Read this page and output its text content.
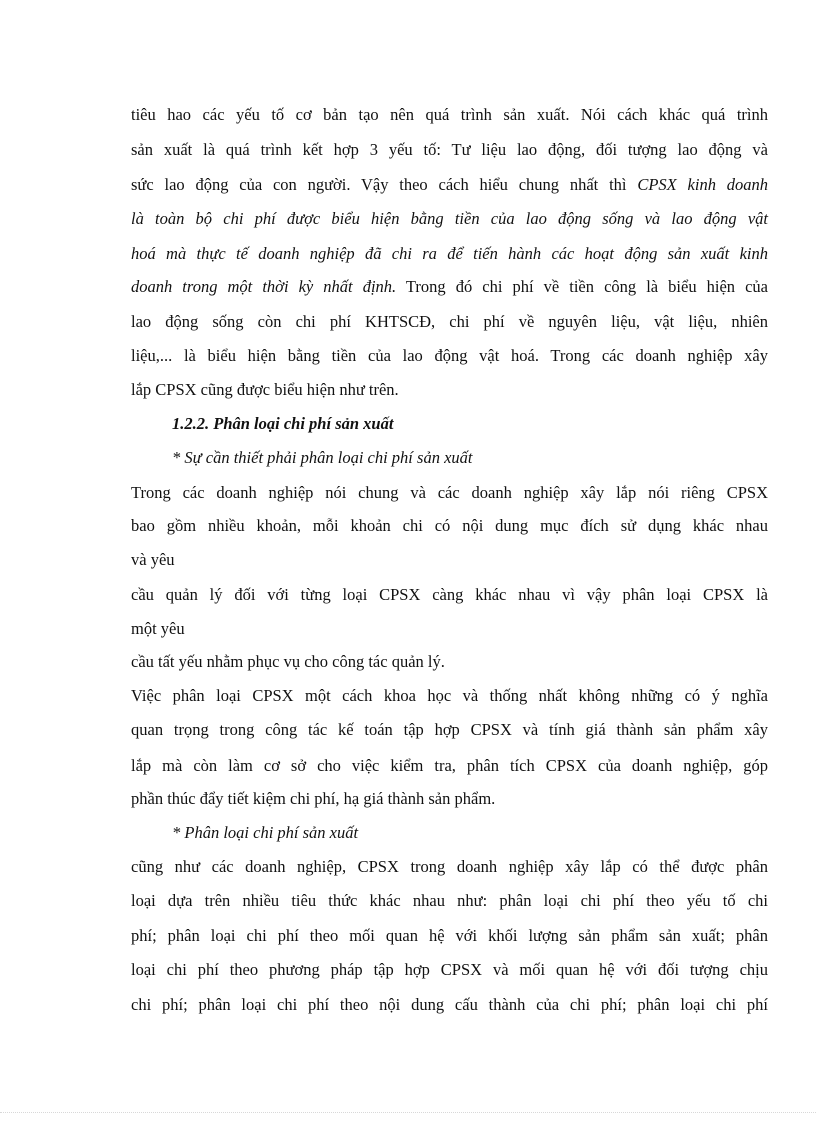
tiêu hao các yếu tố cơ bản tạo nên quá trình sản xuất. Nói cách khác quá trình
sản xuất là quá trình kết hợp 3 yếu tố: Tư liệu lao động, đối tượng lao động và
sức lao động của con người. Vậy theo cách hiểu chung nhất thì CPSX kinh doanh
là toàn bộ chi phí được biểu hiện bằng tiền của lao động sống và lao động vật
hoá mà thực tế doanh nghiệp đã chi ra để tiến hành các hoạt động sản xuất kinh
doanh trong một thời kỳ nhất định. Trong đó chi phí về tiền công là biểu hiện của
lao động sống còn chi phí KHTSCĐ, chi phí về nguyên liệu, vật liệu, nhiên
liệu,... là biểu hiện bằng tiền của lao động vật hoá. Trong các doanh nghiệp xây
lắp CPSX cũng được biểu hiện như trên.
1.2.2. Phân loại chi phí sản xuất
* Sự cần thiết phải phân loại chi phí sản xuất
Trong các doanh nghiệp nói chung và các doanh nghiệp xây lắp nói riêng CPSX
bao gồm nhiều khoản, mỗi khoản chi có nội dung mục đích sử dụng khác nhau
và yêu
cầu quản lý đối với từng loại CPSX càng khác nhau vì vậy phân loại CPSX là
một yêu
cầu tất yếu nhằm phục vụ cho công tác quản lý.
Việc phân loại CPSX một cách khoa học và thống nhất không những có ý nghĩa
quan trọng trong công tác kế toán tập hợp CPSX và tính giá thành sản phẩm xây
lắp mà còn làm cơ sở cho việc kiểm tra, phân tích CPSX của doanh nghiệp, góp
phần thúc đẩy tiết kiệm chi phí, hạ giá thành sản phẩm.
* Phân loại chi phí sản xuất
cũng như các doanh nghiệp, CPSX trong doanh nghiệp xây lắp có thể được phân
loại dựa trên nhiều tiêu thức khác nhau như: phân loại chi phí theo yếu tố chi
phí; phân loại chi phí theo mối quan hệ với khối lượng sản phẩm sản xuất; phân
loại chi phí theo phương pháp tập hợp CPSX và mối quan hệ với đối tượng chịu
chi phí; phân loại chi phí theo nội dung cấu thành của chi phí; phân loại chi phí
